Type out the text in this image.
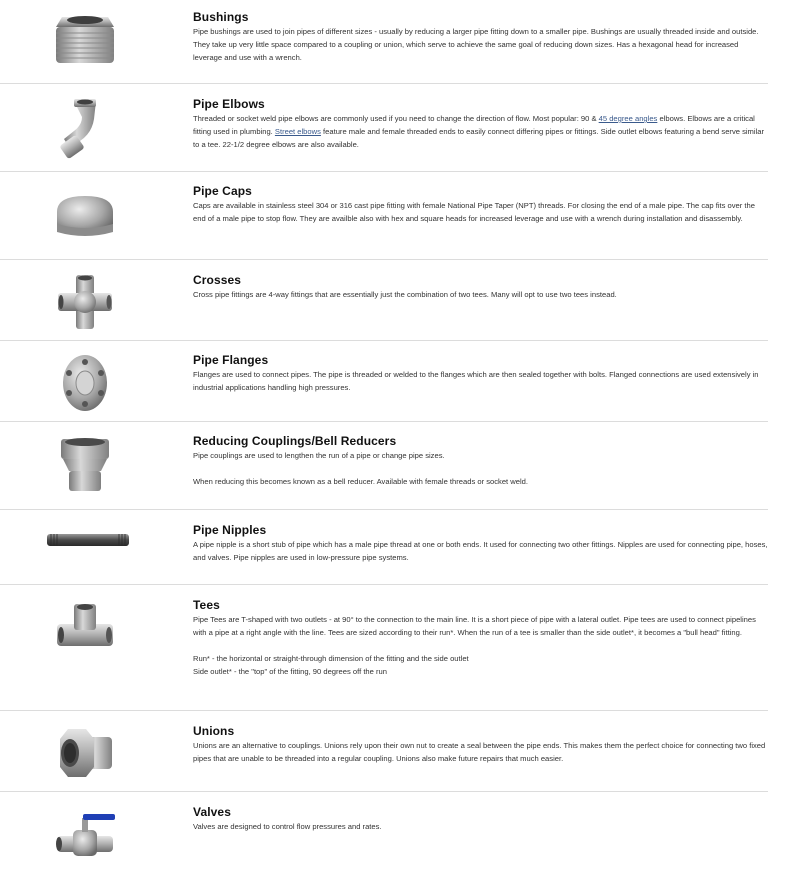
Bushings

Pipe bushings are used to join pipes of different sizes - usually by reducing a larger pipe fitting down to a smaller pipe. Bushings are usually threaded inside and outside. They take up very little space compared to a coupling or union, which serve to achieve the same goal of reducing down sizes. Has a hexagonal head for increased leverage and use with a wrench.

Pipe Elbows

Threaded or socket weld pipe elbows are commonly used if you need to change the direction of flow. Most popular: 90 & 45 degree angles elbows. Elbows are a critical fitting used in plumbing. Street elbows feature male and female threaded ends to easily connect differing pipes or fittings. Side outlet elbows featuring a bend serve similar to a tee. 22-1/2 degree elbows are also available.

Pipe Caps

Caps are available in stainless steel 304 or 316 cast pipe fitting with female National Pipe Taper (NPT) threads. For closing the end of a male pipe. The cap fits over the end of a male pipe to stop flow. They are availble also with hex and square heads for increased leverage and use with a wrench during installation and disassembly.

Crosses

Cross pipe fittings are 4-way fittings that are essentially just the combination of two tees. Many will opt to use two tees instead.

Pipe Flanges

Flanges are used to connect pipes. The pipe is threaded or welded to the flanges which are then sealed together with bolts. Flanged connections are used extensively in industrial applications handling high pressures.

Reducing Couplings/Bell Reducers

Pipe couplings are used to lengthen the run of a pipe or change pipe sizes.

When reducing this becomes known as a bell reducer. Available with female threads or socket weld.

Pipe Nipples

A pipe nipple is a short stub of pipe which has a male pipe thread at one or both ends. It used for connecting two other fittings. Nipples are used for connecting pipe, hoses, and valves. Pipe nipples are used in low-pressure pipe systems.

Tees

Pipe Tees are T-shaped with two outlets - at 90° to the connection to the main line. It is a short piece of pipe with a lateral outlet. Pipe tees are used to connect pipelines with a pipe at a right angle with the line. Tees are sized according to their run*. When the run of a tee is smaller than the side outlet*, it becomes a "bull head" fitting.

Run* - the horizontal or straight-through dimension of the fitting and the side outlet

Side outlet* - the "top" of the fitting, 90 degrees off the run

Unions

Unions are an alternative to couplings. Unions rely upon their own nut to create a seal between the pipe ends. This makes them the perfect choice for connecting two fixed pipes that are unable to be threaded into a regular coupling. Unions also make future repairs that much easier.

Valves

Valves are designed to control flow pressures and rates.
